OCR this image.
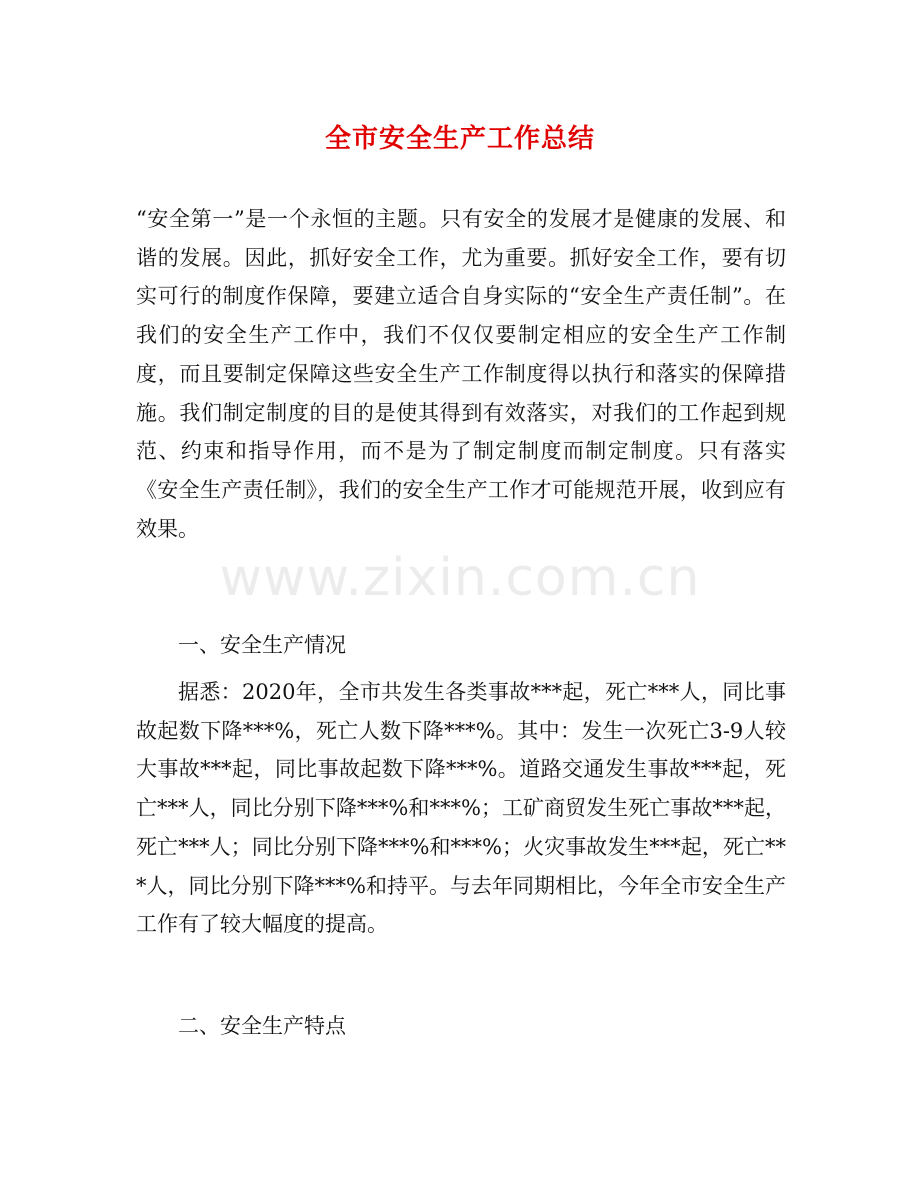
全市安全生产工作总结

“安全第一”是一个永恒的主题。只有安全的发展才是健康的发展、和谐的发展。因此，抓好安全工作，尤为重要。抓好安全工作，要有切实可行的制度作保障，要建立适合自身实际的“安全生产责任制”。在我们的安全生产工作中，我们不仅仅要制定相应的安全生产工作制度，而且要制定保障这些安全生产工作制度得以执行和落实的保障措施。我们制定制度的目的是使其得到有效落实，对我们的工作起到规范、约束和指导作用，而不是为了制定制度而制定制度。只有落实《安全生产责任制》，我们的安全生产工作才可能规范开展，收到应有效果。

www.zixin.com.cn

一、安全生产情况

据悉：2020年，全市共发生各类事故***起，死亡***人，同比事故起数下降***%，死亡人数下降***%。其中：发生一次死亡3-9人较大事故***起，同比事故起数下降***%。道路交通发生事故***起，死亡***人，同比分别下降***%和***%；工矿商贸发生死亡事故***起，死亡***人；同比分别下降***%和***%；火灾事故发生***起，死亡***人，同比分别下降***%和持平。与去年同期相比，今年全市安全生产工作有了较大幅度的提高。

二、安全生产特点
